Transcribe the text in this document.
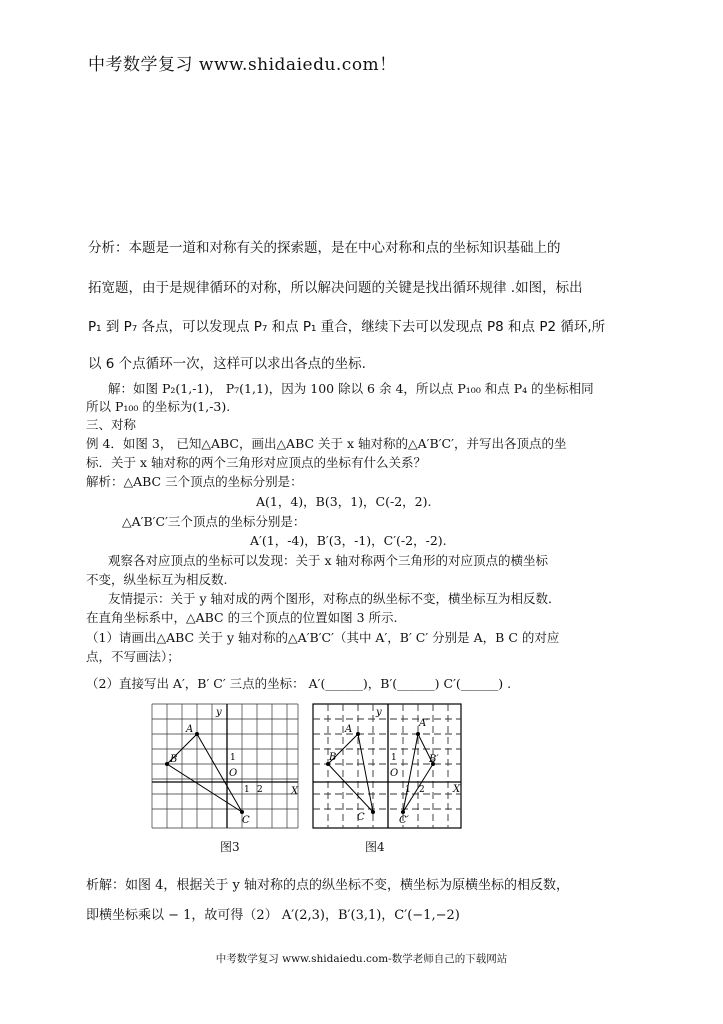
中考数学复习 www.shidaiedu.com！
分析：本题是一道和对称有关的探索题，是在中心对称和点的坐标知识基础上的
拓宽题，由于是规律循环的对称，所以解决问题的关键是找出循环规律 .如图，标出
P₁ 到 P₇ 各点，可以发现点 P₇ 和点 P₁ 重合，继续下去可以发现点 P8 和点 P2 循环,所
以 6 个点循环一次，这样可以求出各点的坐标.
解：如图 P₂(1,-1)， P₇(1,1)，因为 100 除以 6 余 4，所以点 P₁₀₀ 和点 P₄ 的坐标相同
所以 P₁₀₀ 的坐标为(1,-3).
三、对称
例 4．如图 3， 已知△ABC，画出△ABC 关于 x 轴对称的△A′B′C′，并写出各顶点的坐
标．关于 x 轴对称的两个三角形对应顶点的坐标有什么关系？
解析：△ABC 三个顶点的坐标分别是：
A(1，4)，B(3，1)，C(-2，2).
△A′B′C′三个顶点的坐标分别是：
A′(1，-4)，B′(3，-1)，C′(-2，-2).
观察各对应顶点的坐标可以发现：关于 x 轴对称两个三角形的对应顶点的横坐标
不变，纵坐标互为相反数.
友情提示：关于 y 轴对成的两个图形，对称点的纵坐标不变，横坐标互为相反数．
在直角坐标系中，△ABC 的三个顶点的位置如图 3 所示.
（1）请画出△ABC 关于 y 轴对称的△A′B′C′（其中 A′，B′ C′ 分别是 A，B C 的对应
点，不写画法）；
（2）直接写出 A′，B′ C′ 三点的坐标： A′(______)，B′(______) C′(______) .
y
X
A
B
C
O
1
1 2
图3
y
X
A
B
C
A′
B′
C′
O
1
1 2
图4
析解：如图 4，根据关于 y 轴对称的点的纵坐标不变，横坐标为原横坐标的相反数，
即横坐标乘以 − 1，故可得（2） A′(2,3)，B′(3,1)，C′(−1,−2)
中考数学复习 www.shidaiedu.com-数学老师自己的下载网站
